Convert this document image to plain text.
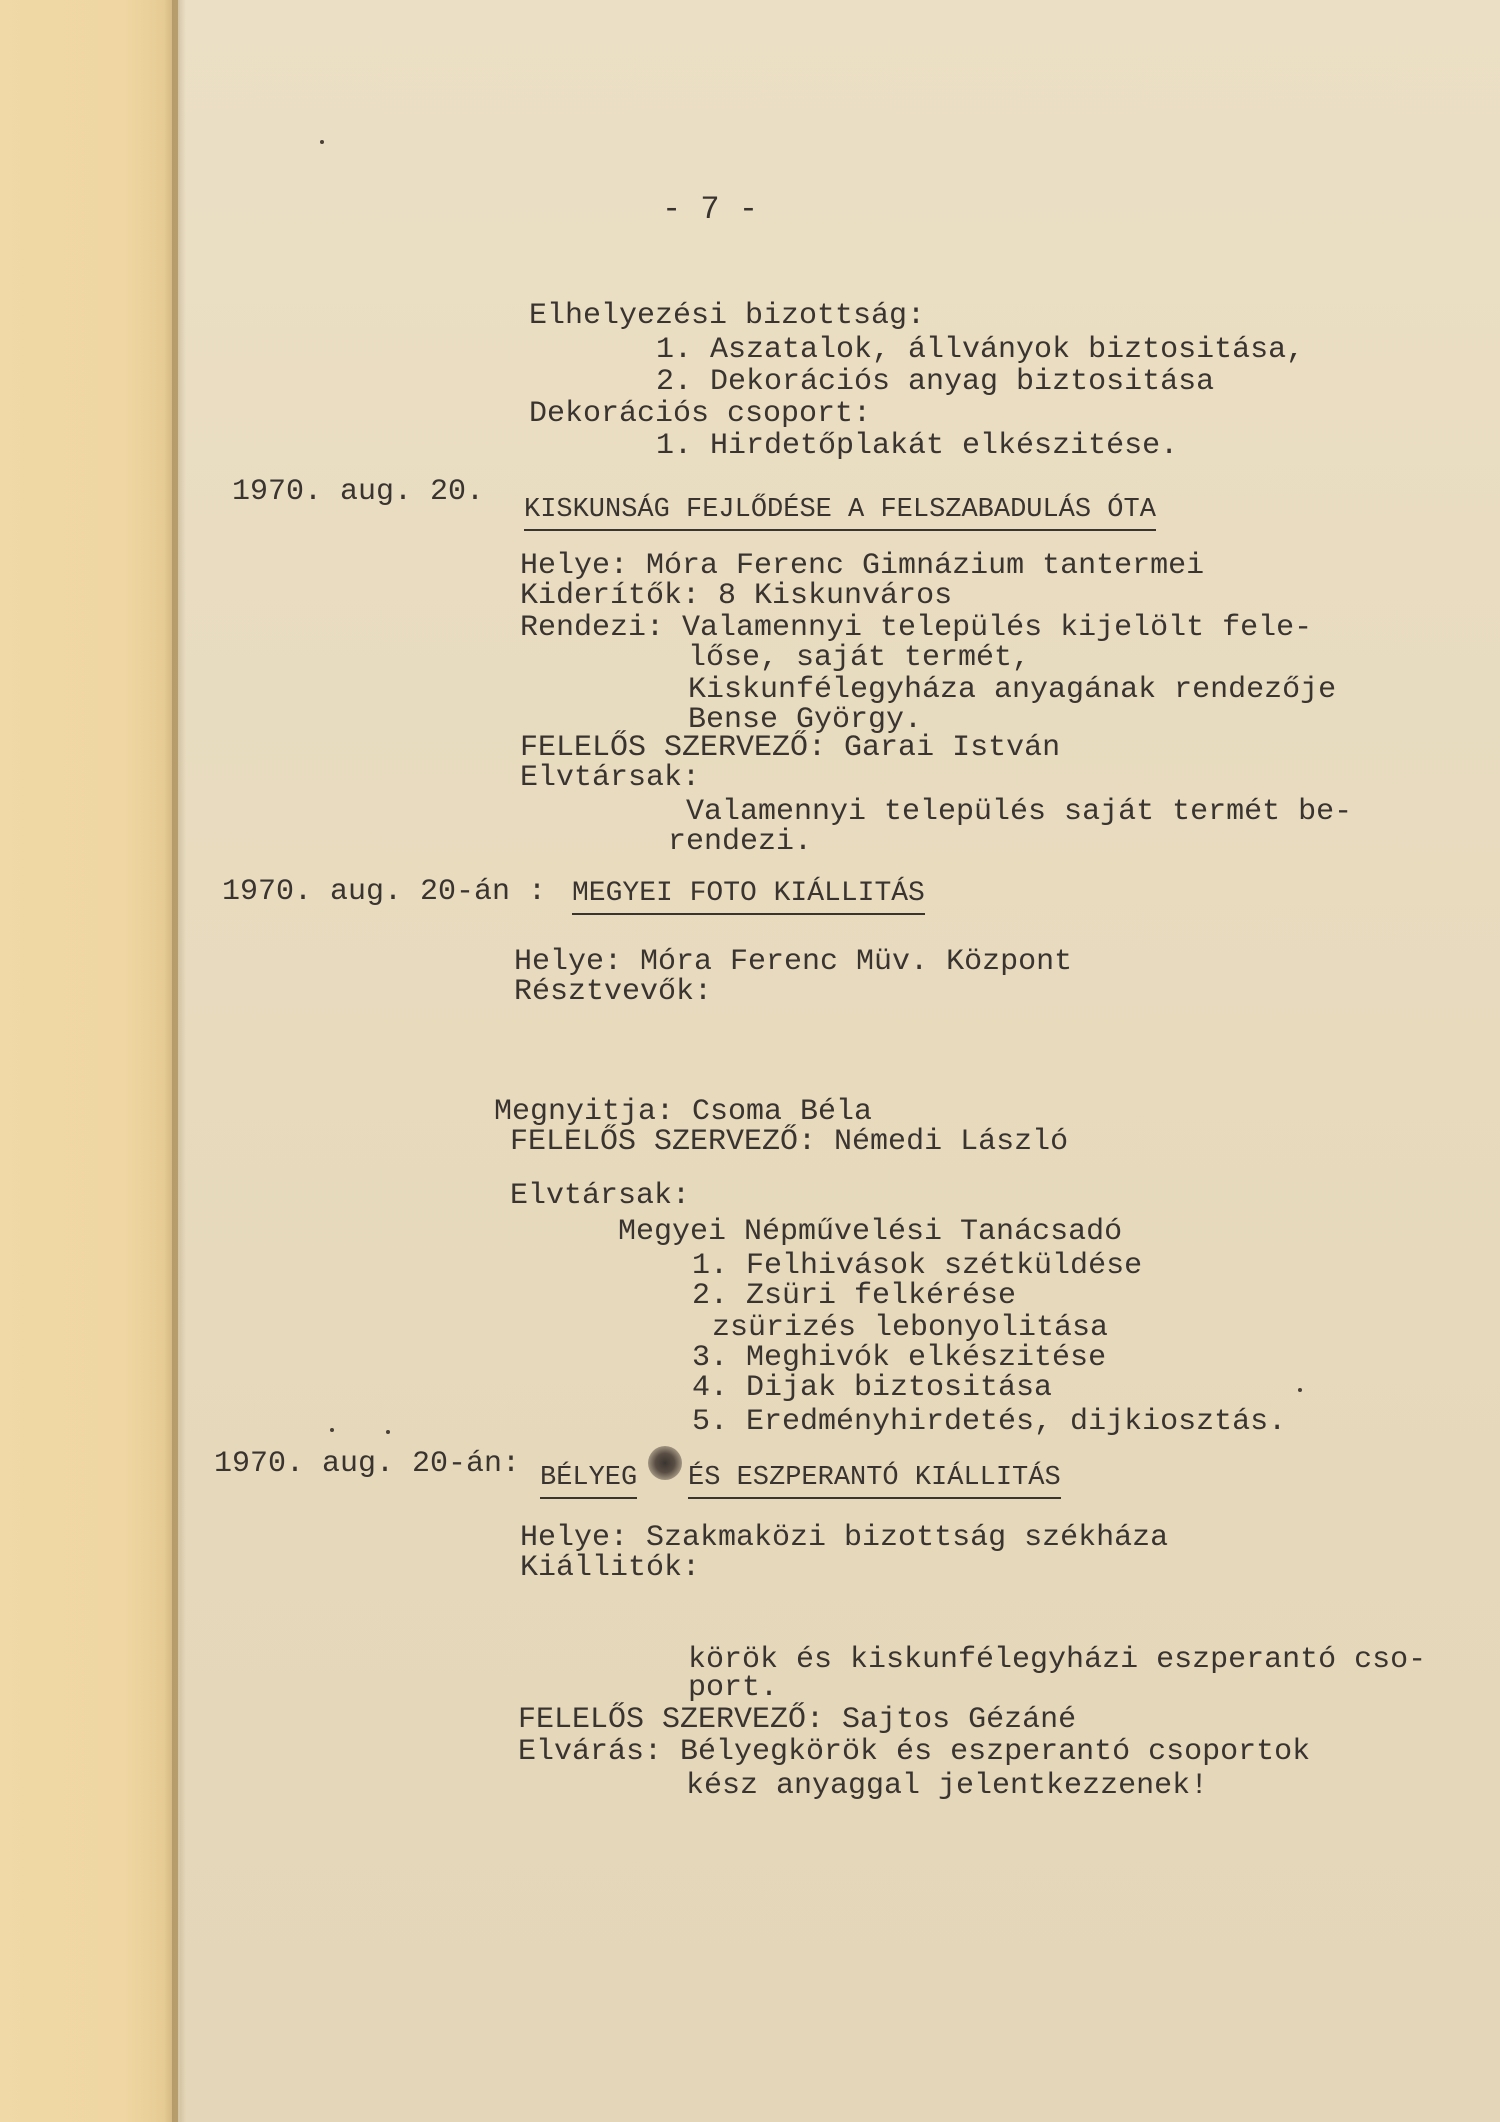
- 7 -

Elhelyezési bizottság:

1. Aszatalok, állványok biztositása,

2. Dekorációs anyag biztositása

Dekorációs csoport:

1. Hirdetőplakát elkészitése.

1970. aug. 20.

KISKUNSÁG FEJLŐDÉSE A FELSZABADULÁS ÓTA

Helye: Móra Ferenc Gimnázium tantermei

Kiderítők: 8 Kiskunváros

Rendezi: Valamennyi település kijelölt fele-

lőse, saját termét,

Kiskunfélegyháza anyagának rendezője

Bense György.

FELELŐS SZERVEZŐ: Garai István

Elvtársak:

Valamennyi település saját termét be-

rendezi.

1970. aug. 20-án : MEGYEI FOTO KIÁLLITÁS

Helye: Móra Ferenc Müv. Központ

Résztvevők:

Megnyitja: Csoma Béla

FELELŐS SZERVEZŐ: Némedi László

Elvtársak:

Megyei Népművelési Tanácsadó

1. Felhivások szétküldése

2. Zsüri felkérése

zsürizés lebonyolitása

3. Meghivók elkészitése

4. Dijak biztositása

5. Eredményhirdetés, dijkiosztás.

1970. aug. 20-án: BÉLYEG ÉS ESZPERANTÓ KIÁLLITÁS

Helye: Szakmaközi bizottság székháza

Kiállitók:

körök és kiskunfélegyházi eszperantó cso-

port.

FELELŐS SZERVEZŐ: Sajtos Gézáné

Elvárás: Bélyegkörök és eszperantó csoportok

kész anyaggal jelentkezzenek!
